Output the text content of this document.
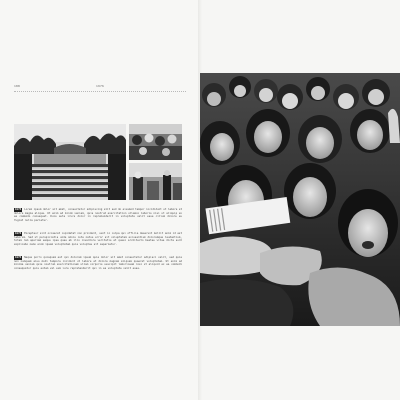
188	1976
1976 Lorem ipsum dolor sit amet, consectetur adipiscing elit sed do eiusmod tempor incididunt ut labore et dolore magna aliqua. Ut enim ad minim veniam, quis nostrud exercitation ullamco laboris nisi ut aliquip ex ea commodo consequat. Duis aute irure dolor in reprehenderit in voluptate velit esse cillum dolore eu fugiat nulla pariatur.
1976 Excepteur sint occaecat cupidatat non proident, sunt in culpa qui officia deserunt mollit anim id est laborum. Sed ut perspiciatis unde omnis iste natus error sit voluptatem accusantium doloremque laudantium, totam rem aperiam eaque ipsa quae ab illo inventore veritatis et quasi architecto beatae vitae dicta sunt explicabo nemo enim ipsam voluptatem quia voluptas sit aspernatur.
1976 Neque porro quisquam est qui dolorem ipsum quia dolor sit amet consectetur adipisci velit, sed quia non numquam eius modi tempora incidunt ut labore et dolore magnam aliquam quaerat voluptatem. Ut enim ad minima veniam quis nostrum exercitationem ullam corporis suscipit laboriosam nisi ut aliquid ex ea commodi consequatur quis autem vel eum iure reprehenderit qui in ea voluptate velit esse.
